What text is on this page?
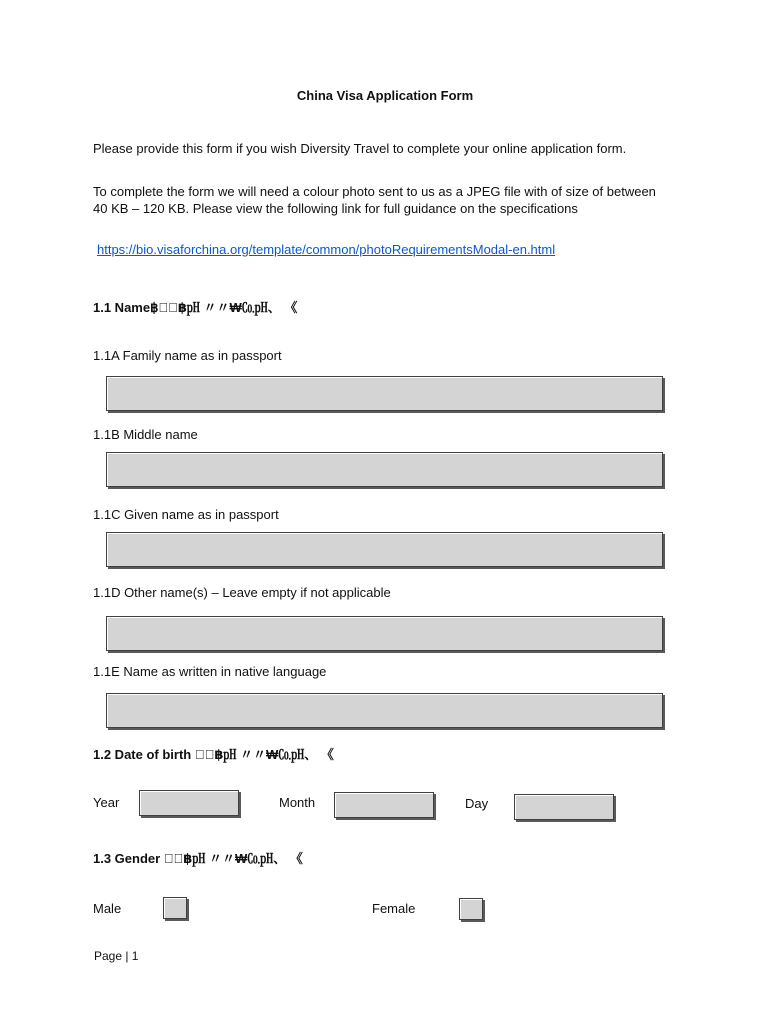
China Visa Application Form
Please provide this form if you wish Diversity Travel to complete your online application form.
To complete the form we will need a colour photo sent to us as a JPEG file with of size of between 40 KB – 120 KB. Please view the following link for full guidance on the specifications
https://bio.visaforchina.org/template/common/photoRequirementsModal-en.html
1.1 Name฿。ᷔ฿㏗ 〃〃₩㏇㏗、 《
1.1A Family name as in passport
1.1B Middle name
1.1C Given name as in passport
1.1D Other name(s) – Leave empty if not applicable
1.1E Name as written in native language
1.2 Date of birth 。ᷔ฿㏗ 〃〃₩㏇㏗、 《
Year	Month	Day
1.3 Gender 。ᷔ฿㏗ 〃〃₩㏇㏗、 《
Male	Female
Page | 1
